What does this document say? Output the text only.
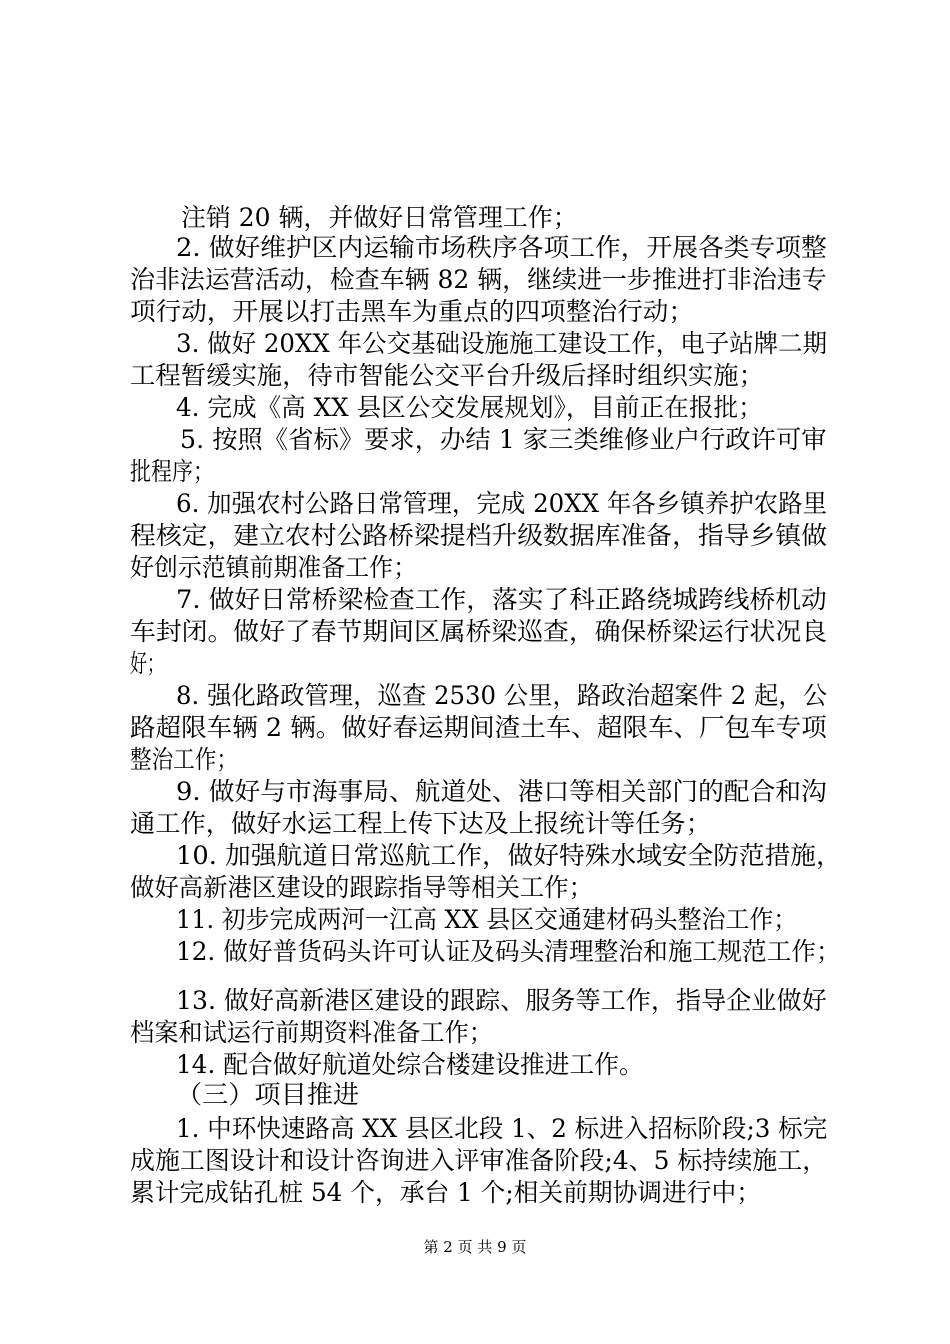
注销 20 辆，并做好日常管理工作；
2. 做好维护区内运输市场秩序各项工作，开展各类专项整
治非法运营活动，检查车辆 82 辆，继续进一步推进打非治违专
项行动，开展以打击黑车为重点的四项整治行动；
3. 做好 20XX 年公交基础设施施工建设工作，电子站牌二期
工程暂缓实施，待市智能公交平台升级后择时组织实施；
4. 完成《高 XX 县区公交发展规划》，目前正在报批；
5. 按照《省标》要求，办结 1 家三类维修业户行政许可审
批程序；
6. 加强农村公路日常管理，完成 20XX 年各乡镇养护农路里
程核定，建立农村公路桥梁提档升级数据库准备，指导乡镇做
好创示范镇前期准备工作；
7. 做好日常桥梁检查工作，落实了科正路绕城跨线桥机动
车封闭。做好了春节期间区属桥梁巡查，确保桥梁运行状况良
好；
8. 强化路政管理，巡查 2530 公里，路政治超案件 2 起，公
路超限车辆 2 辆。做好春运期间渣土车、超限车、厂包车专项
整治工作；
9. 做好与市海事局、航道处、港口等相关部门的配合和沟
通工作，做好水运工程上传下达及上报统计等任务；
10. 加强航道日常巡航工作，做好特殊水域安全防范措施，
做好高新港区建设的跟踪指导等相关工作；
11. 初步完成两河一江高 XX 县区交通建材码头整治工作；
12. 做好普货码头许可认证及码头清理整治和施工规范工作；
13. 做好高新港区建设的跟踪、服务等工作，指导企业做好
档案和试运行前期资料准备工作；
14. 配合做好航道处综合楼建设推进工作。
（三）项目推进
1. 中环快速路高 XX 县区北段 1、2 标进入招标阶段;3 标完
成施工图设计和设计咨询进入评审准备阶段;4、5 标持续施工，
累计完成钻孔桩 54 个，承台 1 个;相关前期协调进行中；
第 2 页 共 9 页
